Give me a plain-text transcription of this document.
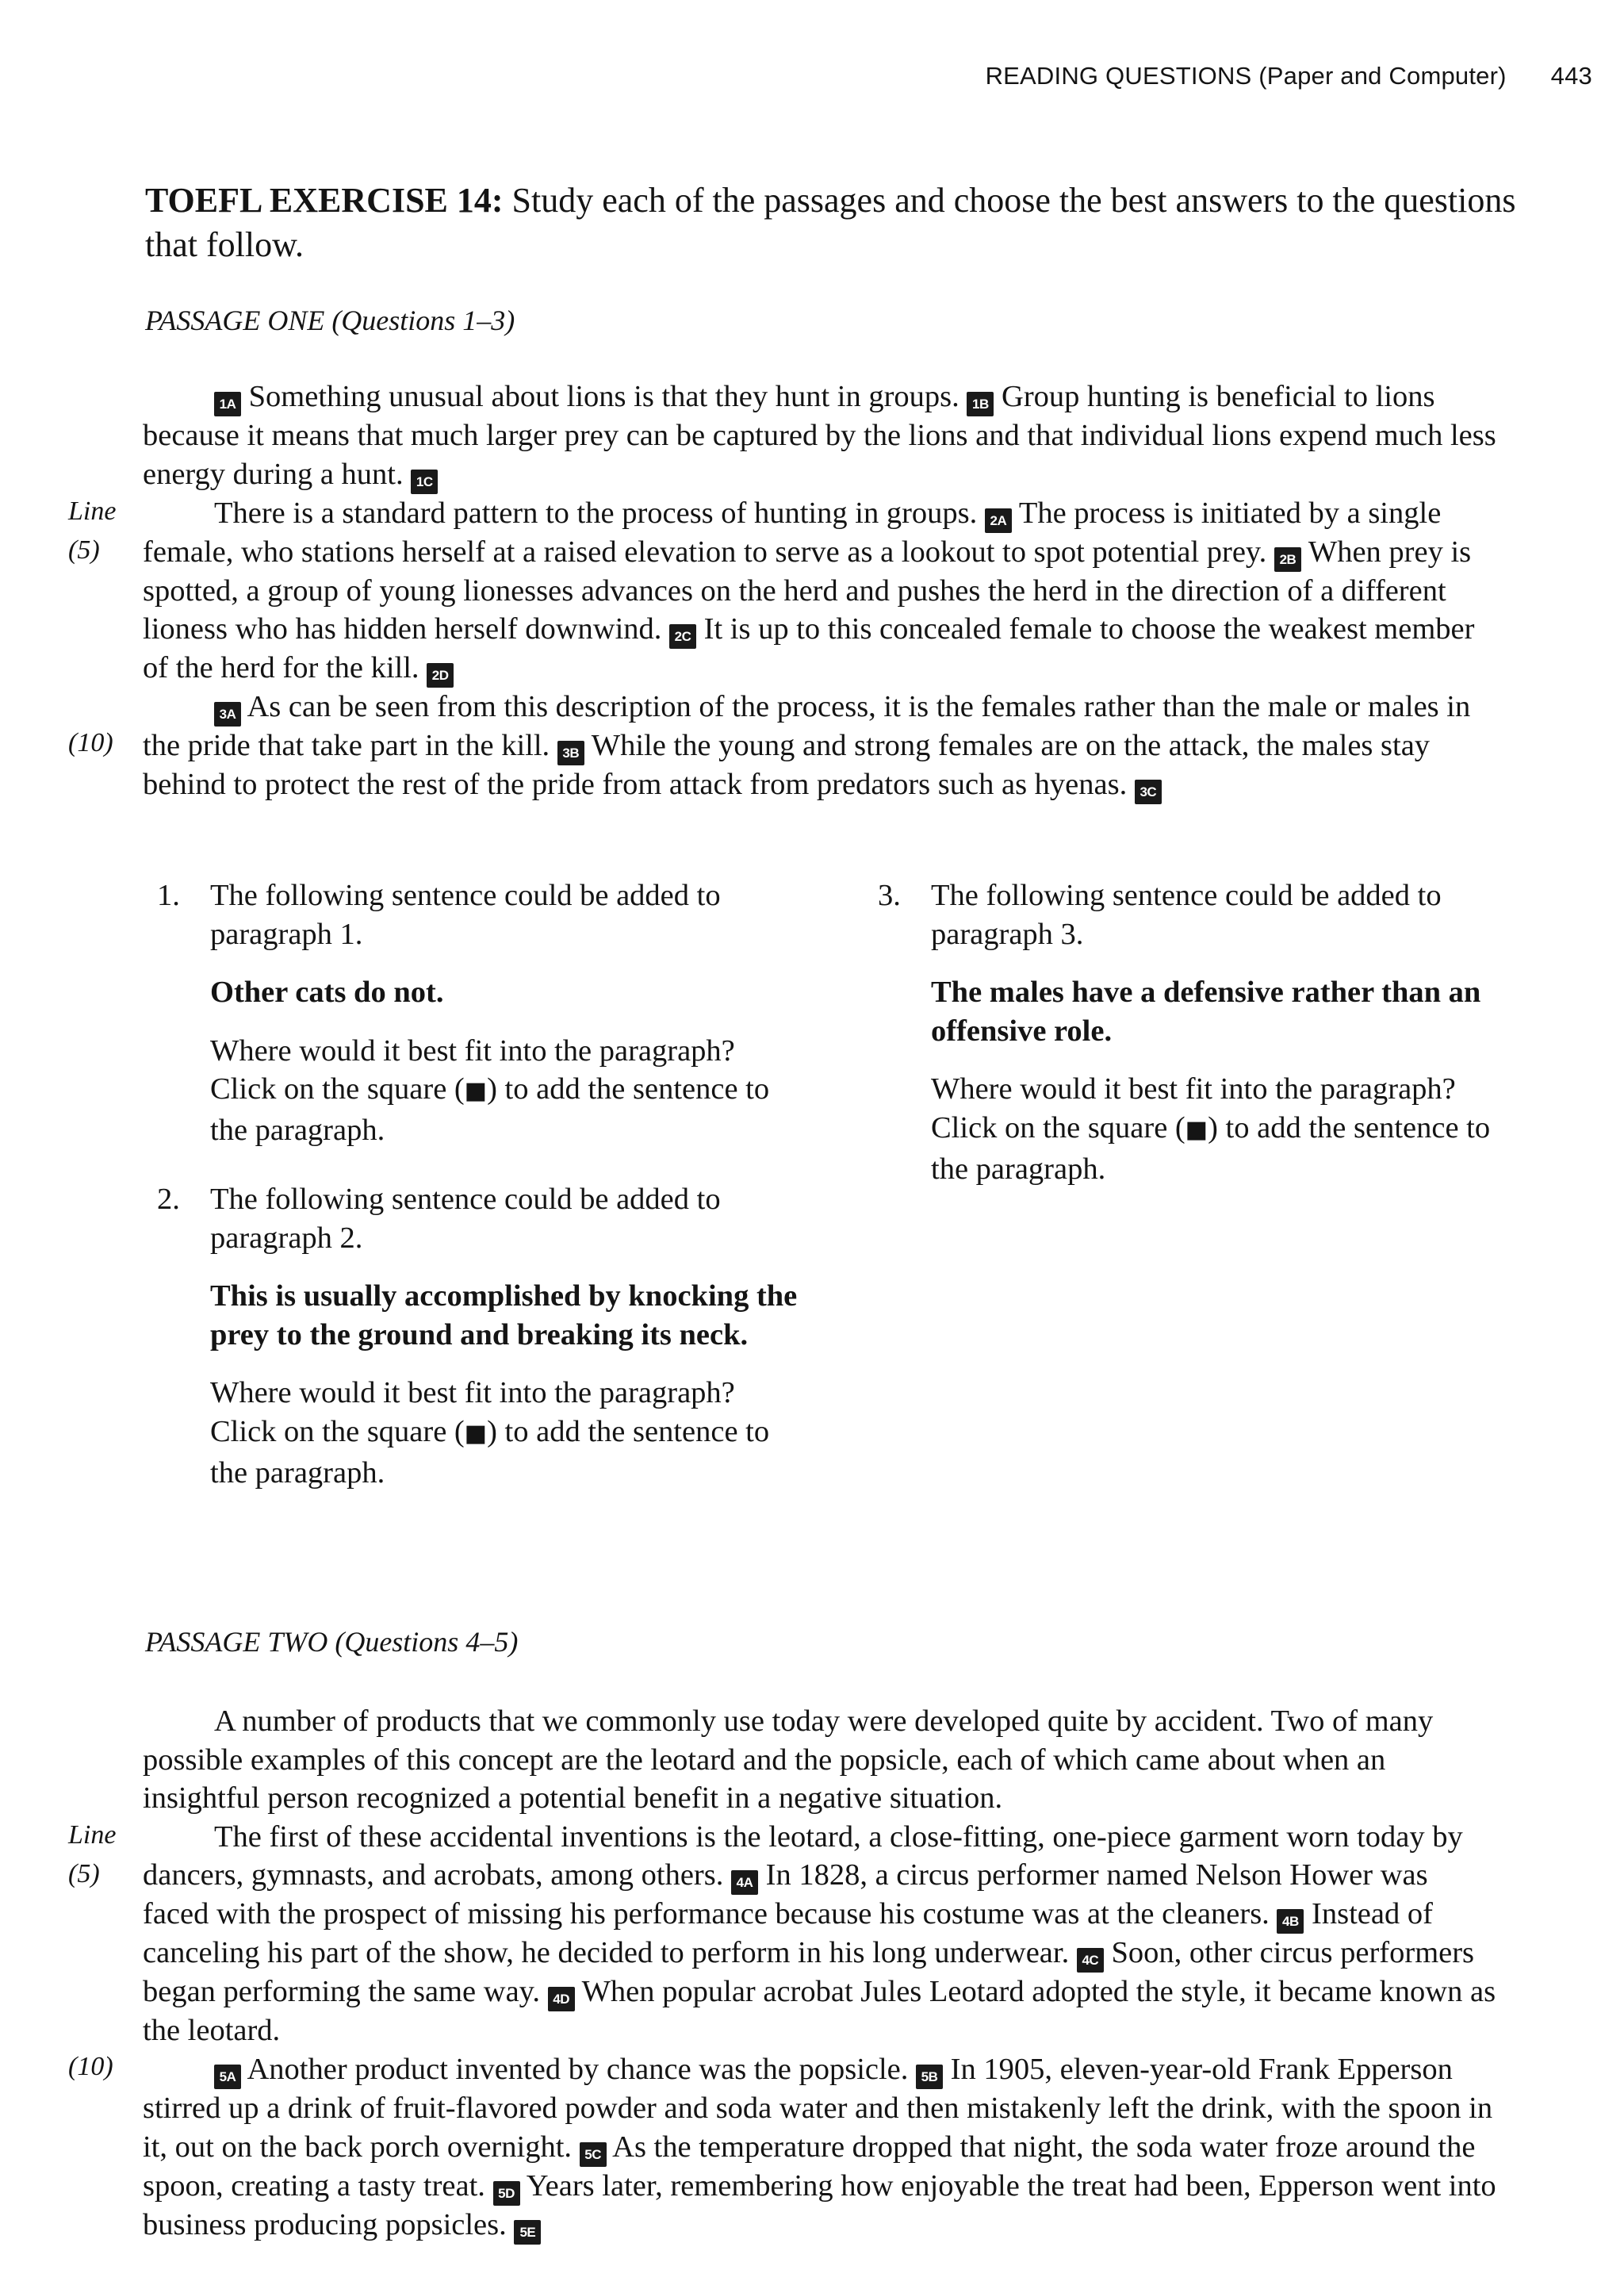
READING QUESTIONS (Paper and Computer) 443
TOEFL EXERCISE 14: Study each of the passages and choose the best answers to the questions that follow.
PASSAGE ONE (Questions 1–3)
Line
(5)
(10)

1A Something unusual about lions is that they hunt in groups. 1B Group hunting is beneficial to lions because it means that much larger prey can be captured by the lions and that individual lions expend much less energy during a hunt. 1C

There is a standard pattern to the process of hunting in groups. 2A The process is initiated by a single female, who stations herself at a raised elevation to serve as a lookout to spot potential prey. 2B When prey is spotted, a group of young lionesses advances on the herd and pushes the herd in the direction of a different lioness who has hidden herself downwind. 2C It is up to this concealed female to choose the weakest member of the herd for the kill. 2D

3A As can be seen from this description of the process, it is the females rather than the male or males in the pride that take part in the kill. 3B While the young and strong females are on the attack, the males stay behind to protect the rest of the pride from attack from predators such as hyenas. 3C

1. The following sentence could be added to paragraph 1.

Other cats do not.

Where would it best fit into the paragraph? Click on the square (■) to add the sentence to the paragraph.

2. The following sentence could be added to paragraph 2.

This is usually accomplished by knocking the prey to the ground and breaking its neck.

Where would it best fit into the paragraph? Click on the square (■) to add the sentence to the paragraph.

3. The following sentence could be added to paragraph 3.

The males have a defensive rather than an offensive role.

Where would it best fit into the paragraph? Click on the square (■) to add the sentence to the paragraph.

PASSAGE TWO (Questions 4–5)
Line
(5)
(10)

A number of products that we commonly use today were developed quite by accident. Two of many possible examples of this concept are the leotard and the popsicle, each of which came about when an insightful person recognized a potential benefit in a negative situation.

The first of these accidental inventions is the leotard, a close-fitting, one-piece garment worn today by dancers, gymnasts, and acrobats, among others. 4A In 1828, a circus performer named Nelson Hower was faced with the prospect of missing his performance because his costume was at the cleaners. 4B Instead of canceling his part of the show, he decided to perform in his long underwear. 4C Soon, other circus performers began performing the same way. 4D When popular acrobat Jules Leotard adopted the style, it became known as the leotard.

5A Another product invented by chance was the popsicle. 5B In 1905, eleven-year-old Frank Epperson stirred up a drink of fruit-flavored powder and soda water and then mistakenly left the drink, with the spoon in it, out on the back porch overnight. 5C As the temperature dropped that night, the soda water froze around the spoon, creating a tasty treat. 5D Years later, remembering how enjoyable the treat had been, Epperson went into business producing popsicles. 5E
